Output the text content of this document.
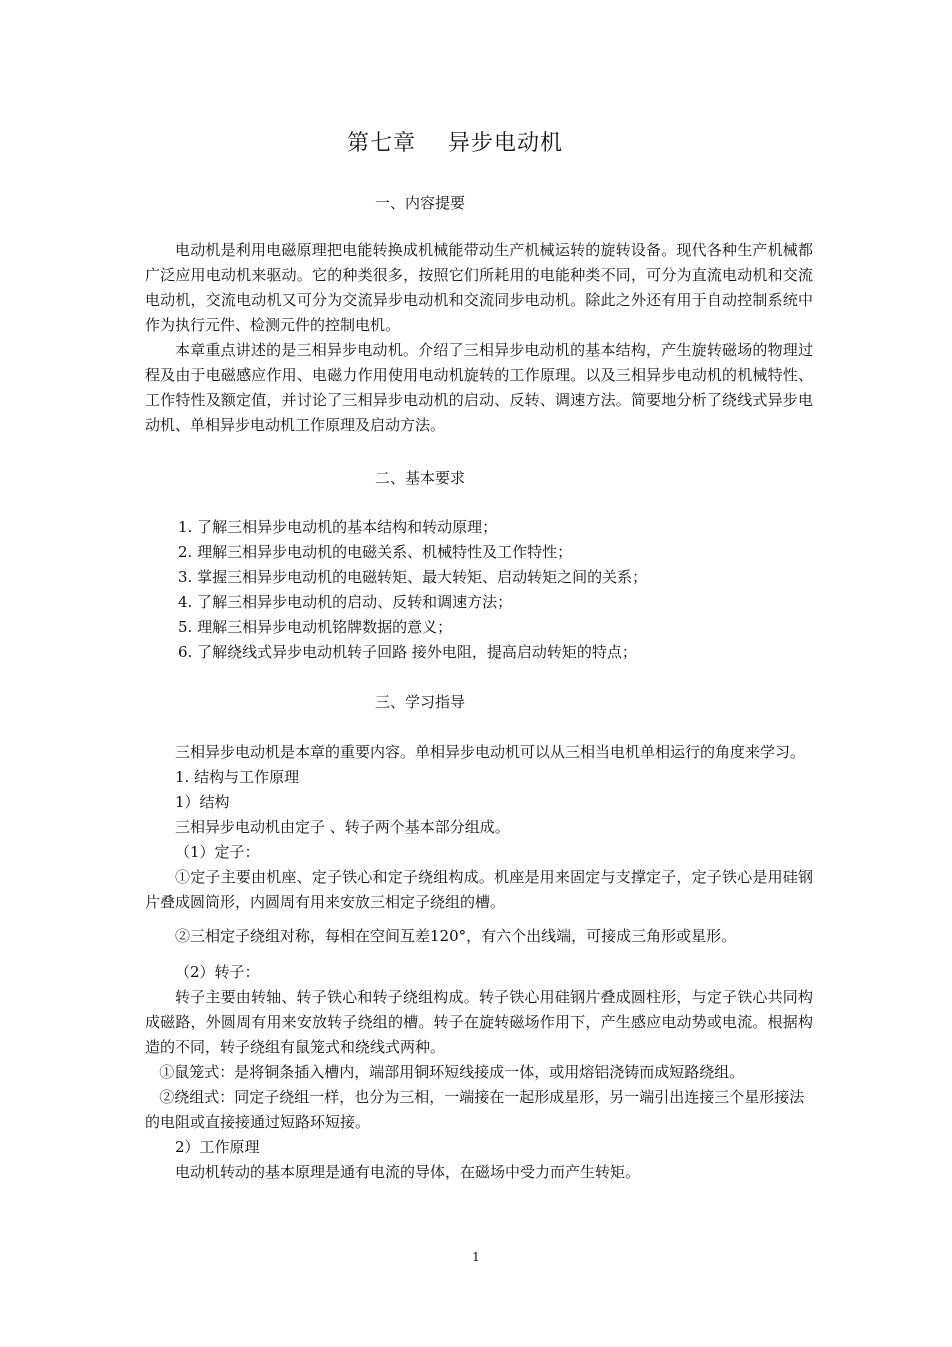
第七章    异步电动机
一、内容提要

电动机是利用电磁原理把电能转换成机械能带动生产机械运转的旋转设备。现代各种生产机械都广泛应用电动机来驱动。它的种类很多，按照它们所耗用的电能种类不同，可分为直流电动机和交流电动机，交流电动机又可分为交流异步电动机和交流同步电动机。除此之外还有用于自动控制系统中作为执行元件、检测元件的控制电机。

本章重点讲述的是三相异步电动机。介绍了三相异步电动机的基本结构，产生旋转磁场的物理过程及由于电磁感应作用、电磁力作用使用电动机旋转的工作原理。以及三相异步电动机的机械特性、工作特性及额定值，并讨论了三相异步电动机的启动、反转、调速方法。简要地分析了绕线式异步电动机、单相异步电动机工作原理及启动方法。

二、基本要求

1. 了解三相异步电动机的基本结构和转动原理；

2. 理解三相异步电动机的电磁关系、机械特性及工作特性；

3. 掌握三相异步电动机的电磁转矩、最大转矩、启动转矩之间的关系；

4. 了解三相异步电动机的启动、反转和调速方法；

5. 理解三相异步电动机铭牌数据的意义；

6. 了解绕线式异步电动机转子回路 接外电阻，提高启动转矩的特点；

三、学习指导

三相异步电动机是本章的重要内容。单相异步电动机可以从三相当电机单相运行的角度来学习。

1. 结构与工作原理

1）结构

三相异步电动机由定子 、转子两个基本部分组成。

（1）定子：

①定子主要由机座、定子铁心和定子绕组构成。机座是用来固定与支撑定子，定子铁心是用硅钢片叠成圆筒形，内圆周有用来安放三相定子绕组的槽。

②三相定子绕组对称，每相在空间互差120°，有六个出线端，可接成三角形或星形。

（2）转子：

转子主要由转轴、转子铁心和转子绕组构成。转子铁心用硅钢片叠成圆柱形，与定子铁心共同构成磁路，外圆周有用来安放转子绕组的槽。转子在旋转磁场作用下，产生感应电动势或电流。根据构造的不同，转子绕组有鼠笼式和绕线式两种。

①鼠笼式：是将铜条插入槽内，端部用铜环短线接成一体，或用熔铝浇铸而成短路绕组。

②绕组式：同定子绕组一样，也分为三相，一端接在一起形成星形，另一端引出连接三个星形接法的电阻或直接接通过短路环短接。

2）工作原理

电动机转动的基本原理是通有电流的导体，在磁场中受力而产生转矩。

1
